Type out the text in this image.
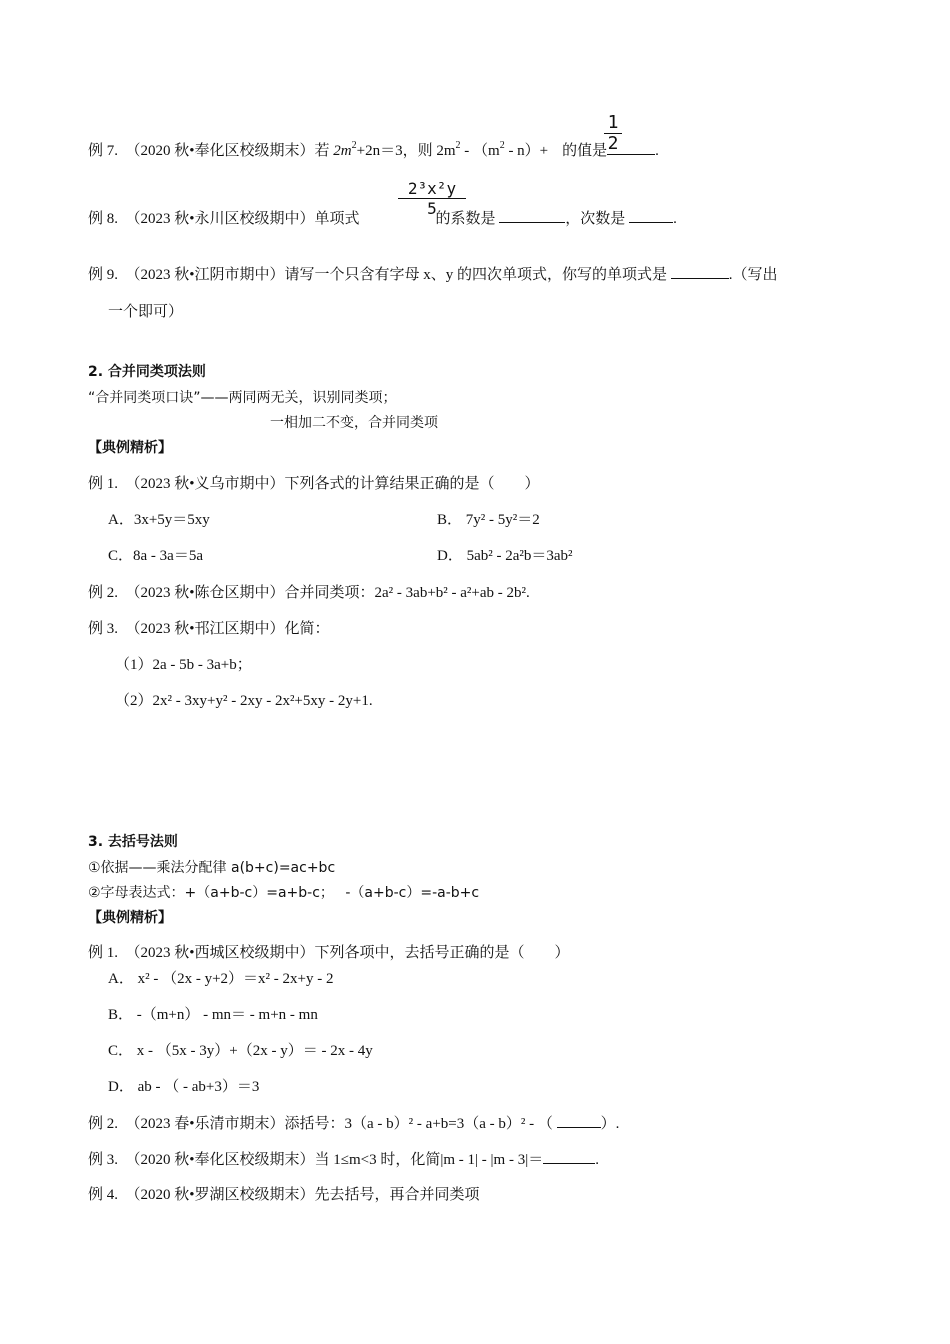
例 7. （2020 秋•奉化区校级期末）若 $2m^2+2n=3$，则 $2m^2 - (m^2 - n)+$ 的值是	.
1
2
例 8. （2023 秋•永川区校级期中）单项式	的系数是	，次数是	.
2³x²y
5
例 9. （2023 秋•江阴市期中）请写一个只含有字母 x、y 的四次单项式，你写的单项式是	.（写出
一个即可）
2. 合并同类项法则
“合并同类项口诀”——两同两无关，识别同类项；
一相加二不变，合并同类项
【典例精析】
例 1. （2023 秋•义乌市期中）下列各式的计算结果正确的是（　　）
A．3x+5y＝5xy	B． 7y² - 5y²＝2
C．8a - 3a＝5a	D． 5ab² - 2a²b＝3ab²
例 2. （2023 秋•陈仓区期中）合并同类项：2a² - 3ab+b² - a²+ab - 2b².
例 3. （2023 秋•邗江区期中）化简：
（1）2a - 5b - 3a+b；
（2）2x² - 3xy+y² - 2xy - 2x²+5xy - 2y+1.
3. 去括号法则
①依据——乘法分配律 a(b+c)=ac+bc
②字母表达式：+（a+b-c）=a+b-c；　 -（a+b-c）=-a-b+c
【典例精析】
例 1. （2023 秋•西城区校级期中）下列各项中，去括号正确的是（　　）
A． x² - （2x - y+2）＝x² - 2x+y - 2
B． -（m+n） - mn＝ - m+n - mn
C． x - （5x - 3y）+（2x - y）＝ - 2x - 4y
D． ab - （ - ab+3）＝3
例 2. （2023 春•乐清市期末）添括号：3（a - b）² - a+b=3（a - b）² - （	）.
例 3. （2020 秋•奉化区校级期末）当 1≤m<3 时，化简|m - 1| - |m - 3|＝	.
例 4. （2020 秋•罗湖区校级期末）先去括号，再合并同类项
